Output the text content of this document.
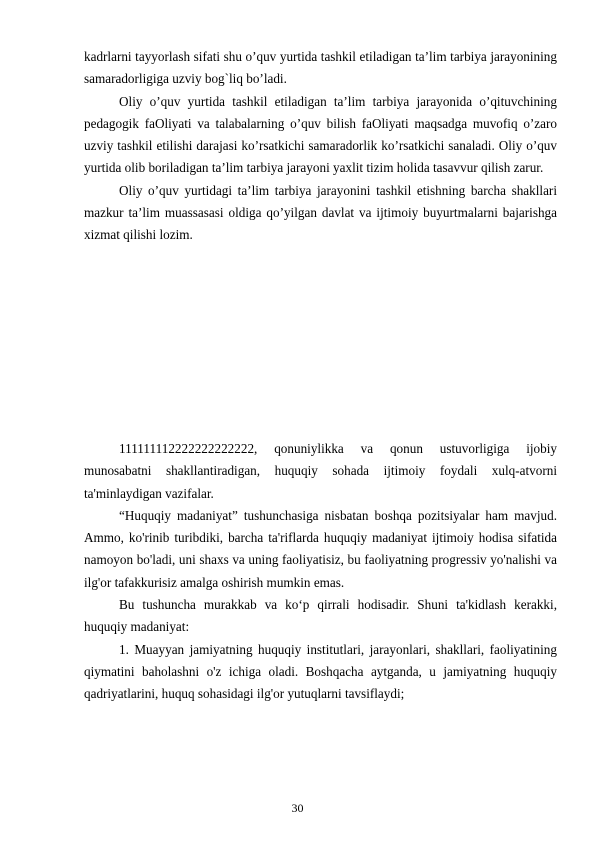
kadrlarni tayyorlash sifati shu o’quv yurtida tashkil etiladigan ta’lim tarbiya jarayonining samaradorligiga uzviy bog`liq bo’ladi.

Oliy o’quv yurtida tashkil etiladigan ta’lim tarbiya jarayonida o’qituvchining pedagogik faOliyati va talabalarning o’quv bilish faOliyati maqsadga muvofiq o’zaro uzviy tashkil etilishi darajasi ko’rsatkichi samaradorlik ko’rsatkichi sanaladi. Oliy o’quv yurtida olib boriladigan ta’lim tarbiya jarayoni yaxlit tizim holida tasavvur qilish zarur.

Oliy o’quv yurtidagi ta’lim tarbiya jarayonini tashkil etishning barcha shakllari mazkur ta’lim muassasasi oldiga qo’yilgan davlat va ijtimoiy buyurtmalarni bajarishga xizmat qilishi lozim.

111111112222222222222, qonuniylikka va qonun ustuvorligiga ijobiy munosabatni shakllantiradigan, huquqiy sohada ijtimoiy foydali xulq-atvorni ta'minlaydigan vazifalar.

“Huquqiy madaniyat” tushunchasiga nisbatan boshqa pozitsiyalar ham mavjud. Ammo, ko'rinib turibdiki, barcha ta'riflarda huquqiy madaniyat ijtimoiy hodisa sifatida namoyon bo'ladi, uni shaxs va uning faoliyatisiz, bu faoliyatning progressiv yo'nalishi va ilg'or tafakkurisiz amalga oshirish mumkin emas.

Bu tushuncha murakkab va ko‘p qirrali hodisadir. Shuni ta'kidlash kerakki, huquqiy madaniyat:

1. Muayyan jamiyatning huquqiy institutlari, jarayonlari, shakllari, faoliyatining qiymatini baholashni o'z ichiga oladi. Boshqacha aytganda, u jamiyatning huquqiy qadriyatlarini, huquq sohasidagi ilg'or yutuqlarni tavsiflaydi;

30
